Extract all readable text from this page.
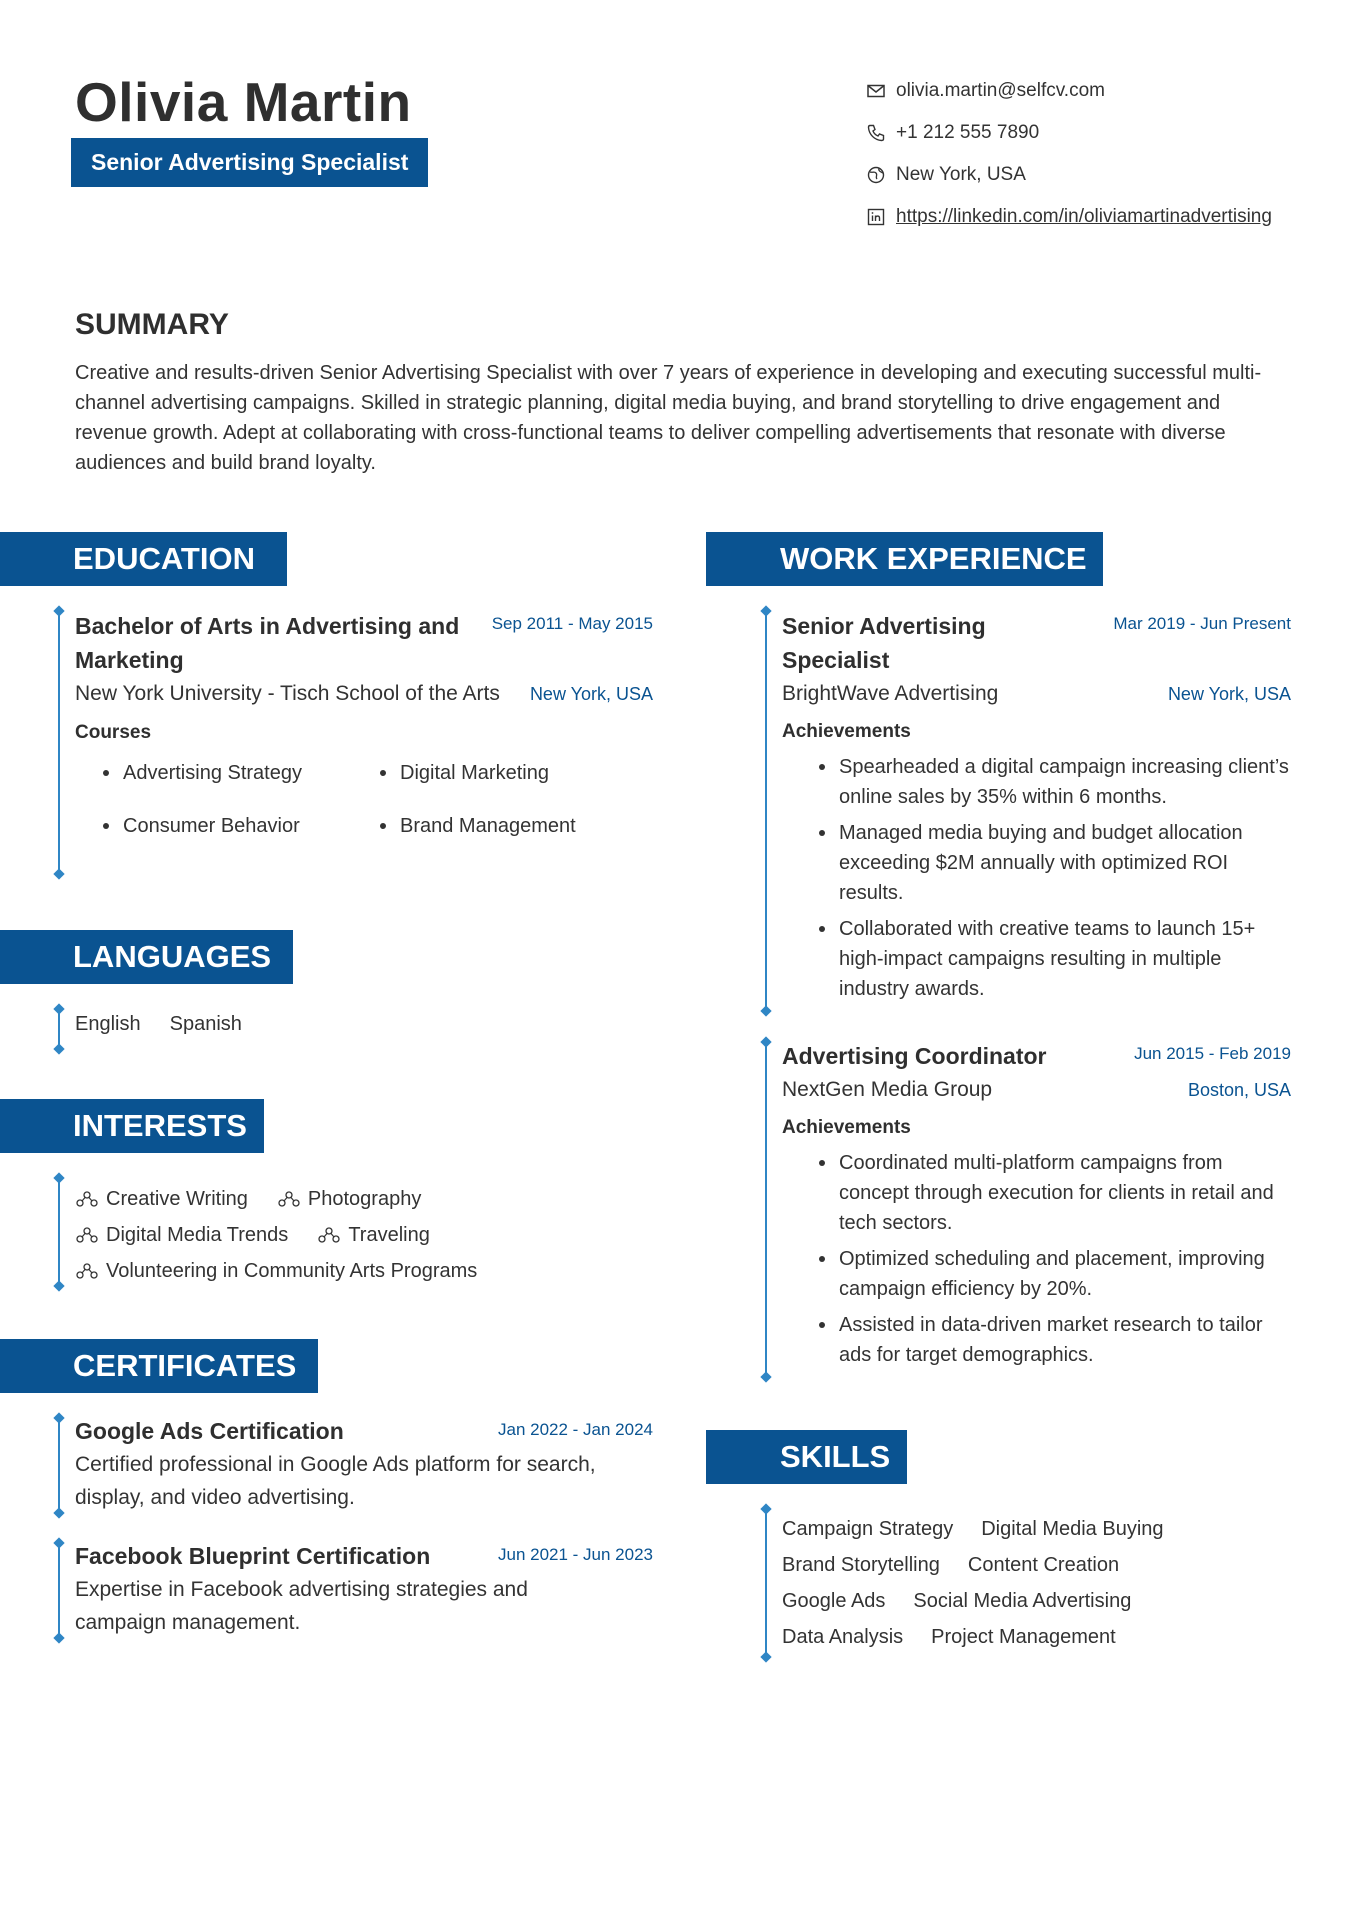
Olivia Martin
Senior Advertising Specialist
olivia.martin@selfcv.com
+1 212 555 7890
New York, USA
https://linkedin.com/in/oliviamartinadvertising
SUMMARY
Creative and results-driven Senior Advertising Specialist with over 7 years of experience in developing and executing successful multi-channel advertising campaigns. Skilled in strategic planning, digital media buying, and brand storytelling to drive engagement and revenue growth. Adept at collaborating with cross-functional teams to deliver compelling advertisements that resonate with diverse audiences and build brand loyalty.
EDUCATION
Bachelor of Arts in Advertising and Marketing
Sep 2011 - May 2015
New York University - Tisch School of the Arts	New York, USA
Courses
Advertising Strategy	Digital Marketing
Consumer Behavior	Brand Management
LANGUAGES
English Spanish
INTERESTS
Creative Writing	Photography
Digital Media Trends	Traveling
Volunteering in Community Arts Programs
CERTIFICATES
Google Ads Certification	Jan 2022 - Jan 2024
Certified professional in Google Ads platform for search, display, and video advertising.
Facebook Blueprint Certification	Jun 2021 - Jun 2023
Expertise in Facebook advertising strategies and campaign management.
WORK EXPERIENCE
Senior Advertising Specialist
Mar 2019 - Jun Present
BrightWave Advertising	New York, USA
Achievements
Spearheaded a digital campaign increasing client’s online sales by 35% within 6 months.
Managed media buying and budget allocation exceeding $2M annually with optimized ROI results.
Collaborated with creative teams to launch 15+ high-impact campaigns resulting in multiple industry awards.
Advertising Coordinator	Jun 2015 - Feb 2019
NextGen Media Group	Boston, USA
Achievements
Coordinated multi-platform campaigns from concept through execution for clients in retail and tech sectors.
Optimized scheduling and placement, improving campaign efficiency by 20%.
Assisted in data-driven market research to tailor ads for target demographics.
SKILLS
Campaign Strategy Digital Media Buying
Brand Storytelling Content Creation
Google Ads Social Media Advertising
Data Analysis Project Management
